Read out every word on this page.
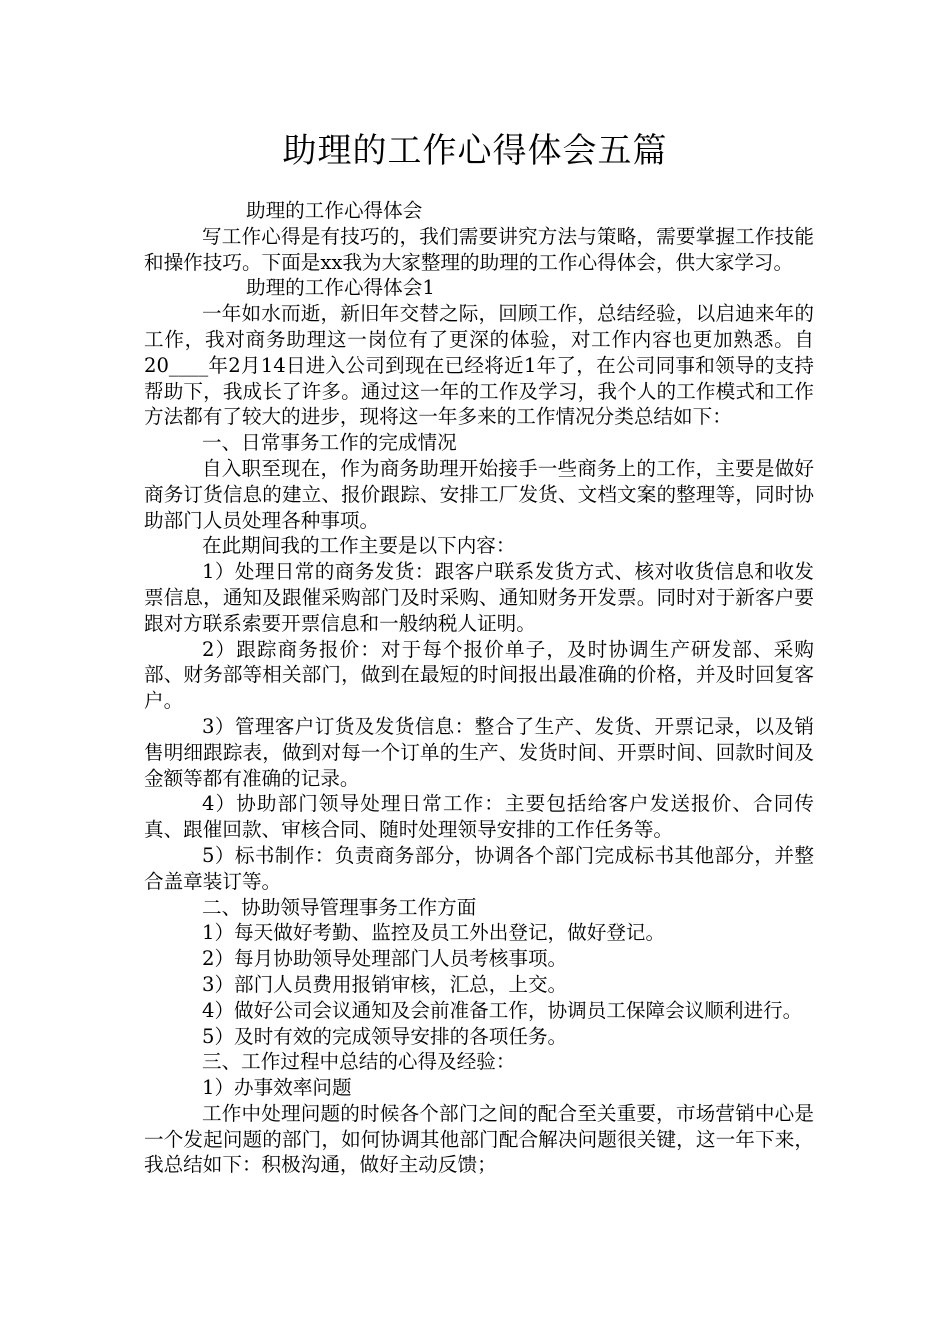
助理的工作心得体会五篇

助理的工作心得体会

写工作心得是有技巧的，我们需要讲究方法与策略，需要掌握工作技能和操作技巧。下面是xx我为大家整理的助理的工作心得体会，供大家学习。

助理的工作心得体会1

一年如水而逝，新旧年交替之际，回顾工作，总结经验，以启迪来年的工作，我对商务助理这一岗位有了更深的体验，对工作内容也更加熟悉。自20____年2月14日进入公司到现在已经将近1年了，在公司同事和领导的支持帮助下，我成长了许多。通过这一年的工作及学习，我个人的工作模式和工作方法都有了较大的进步，现将这一年多来的工作情况分类总结如下：

一、日常事务工作的完成情况

自入职至现在，作为商务助理开始接手一些商务上的工作，主要是做好商务订货信息的建立、报价跟踪、安排工厂发货、文档文案的整理等，同时协助部门人员处理各种事项。

在此期间我的工作主要是以下内容：

1）处理日常的商务发货：跟客户联系发货方式、核对收货信息和收发票信息，通知及跟催采购部门及时采购、通知财务开发票。同时对于新客户要跟对方联系索要开票信息和一般纳税人证明。

2）跟踪商务报价：对于每个报价单子，及时协调生产研发部、采购部、财务部等相关部门，做到在最短的时间报出最准确的价格，并及时回复客户。

3）管理客户订货及发货信息：整合了生产、发货、开票记录，以及销售明细跟踪表，做到对每一个订单的生产、发货时间、开票时间、回款时间及金额等都有准确的记录。

4）协助部门领导处理日常工作：主要包括给客户发送报价、合同传真、跟催回款、审核合同、随时处理领导安排的工作任务等。

5）标书制作：负责商务部分，协调各个部门完成标书其他部分，并整合盖章装订等。

二、协助领导管理事务工作方面

1）每天做好考勤、监控及员工外出登记，做好登记。

2）每月协助领导处理部门人员考核事项。

3）部门人员费用报销审核，汇总，上交。

4）做好公司会议通知及会前准备工作，协调员工保障会议顺利进行。

5）及时有效的完成领导安排的各项任务。

三、工作过程中总结的心得及经验：

1）办事效率问题

工作中处理问题的时候各个部门之间的配合至关重要，市场营销中心是一个发起问题的部门，如何协调其他部门配合解决问题很关键，这一年下来，我总结如下：积极沟通，做好主动反馈；
